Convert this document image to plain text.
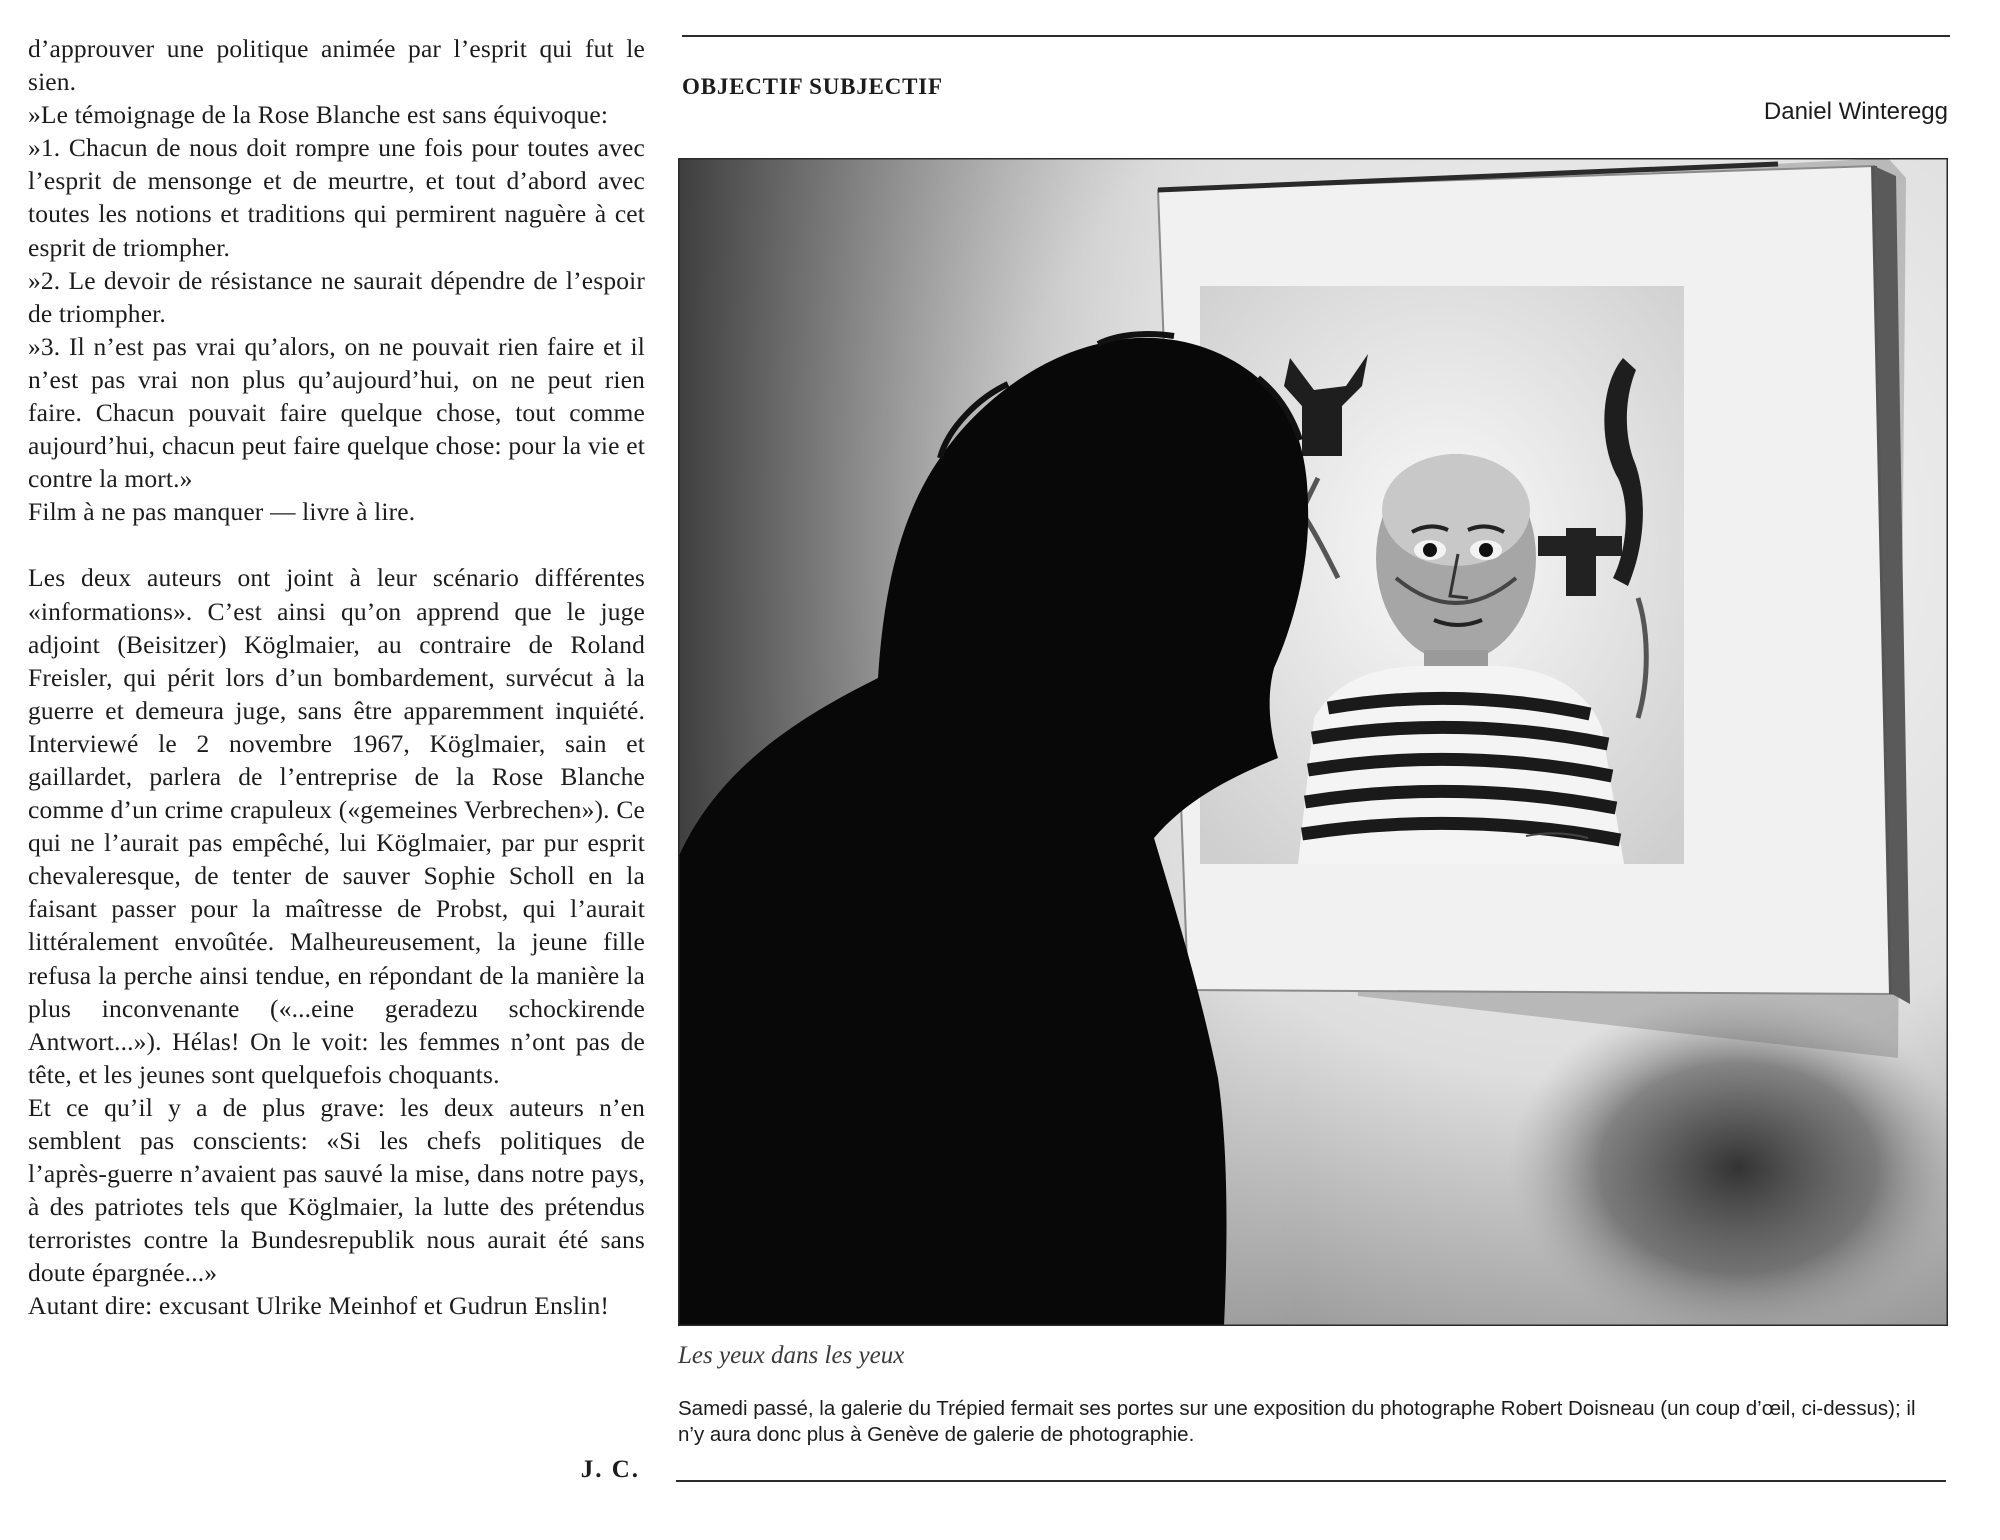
d’approuver une politique animée par l’esprit qui fut le sien.

»Le témoignage de la Rose Blanche est sans équivoque:

»1. Chacun de nous doit rompre une fois pour toutes avec l’esprit de mensonge et de meurtre, et tout d’abord avec toutes les notions et traditions qui permirent naguère à cet esprit de triompher.

»2. Le devoir de résistance ne saurait dépendre de l’espoir de triompher.

»3. Il n’est pas vrai qu’alors, on ne pouvait rien faire et il n’est pas vrai non plus qu’aujourd’hui, on ne peut rien faire. Chacun pouvait faire quelque chose, tout comme aujourd’hui, chacun peut faire quelque chose: pour la vie et contre la mort.»

Film à ne pas manquer — livre à lire.

Les deux auteurs ont joint à leur scénario différentes «informations». C’est ainsi qu’on apprend que le juge adjoint (Beisitzer) Köglmaier, au contraire de Roland Freisler, qui périt lors d’un bombardement, survécut à la guerre et demeura juge, sans être apparemment inquiété. Interviewé le 2 novembre 1967, Köglmaier, sain et gaillardet, parlera de l’entreprise de la Rose Blanche comme d’un crime crapuleux («gemeines Verbrechen»). Ce qui ne l’aurait pas empêché, lui Köglmaier, par pur esprit chevaleresque, de tenter de sauver Sophie Scholl en la faisant passer pour la maîtresse de Probst, qui l’aurait littéralement envoûtée. Malheureusement, la jeune fille refusa la perche ainsi tendue, en répondant de la manière la plus inconvenante («...eine geradezu schockirende Antwort...»). Hélas! On le voit: les femmes n’ont pas de tête, et les jeunes sont quelquefois choquants.

Et ce qu’il y a de plus grave: les deux auteurs n’en semblent pas conscients: «Si les chefs politiques de l’après-guerre n’avaient pas sauvé la mise, dans notre pays, à des patriotes tels que Köglmaier, la lutte des prétendus terroristes contre la Bundesrepublik nous aurait été sans doute épargnée...»

Autant dire: excusant Ulrike Meinhof et Gudrun Enslin!

J. C.
OBJECTIF SUBJECTIF
Daniel Winteregg
Les yeux dans les yeux
Samedi passé, la galerie du Trépied fermait ses portes sur une exposition du photographe Robert Doisneau (un coup d’œil, ci-dessus); il n’y aura donc plus à Genève de galerie de photographie.
